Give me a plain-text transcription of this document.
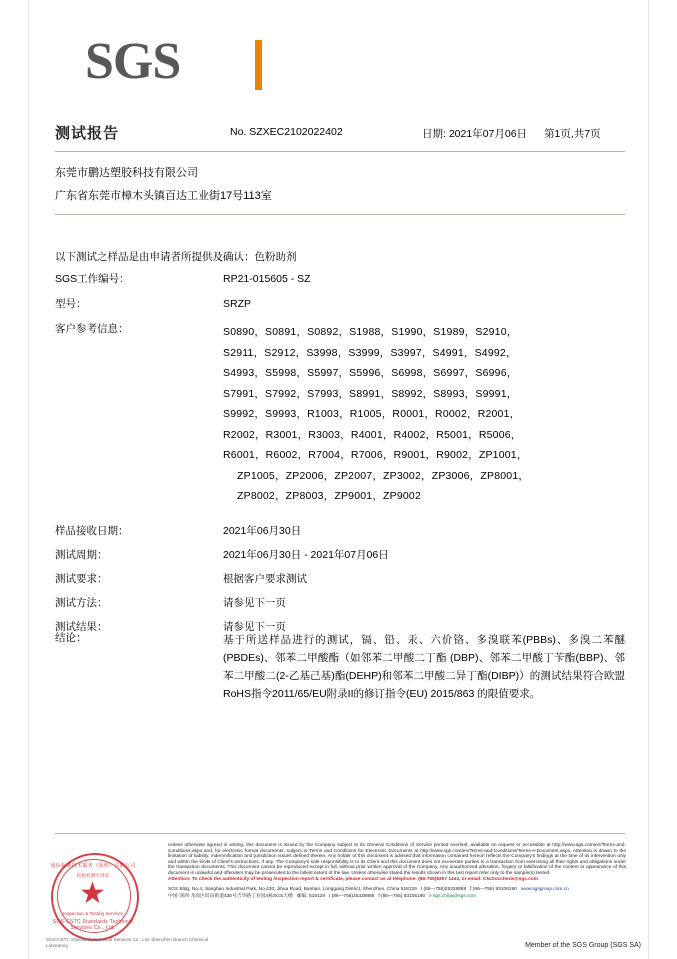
SGS
测试报告	No. SZXEC2102022402	日期: 2021年07月06日 第1页,共7页
东莞市鹏达塑胶科技有限公司
广东省东莞市樟木头镇百达工业街17号113室
以下测试之样品是由申请者所提供及确认：色粉助剂
SGS工作编号：	RP21-015605 - SZ
型号：	SRZP
客户参考信息：	S0890，S0891，S0892，S1988，S1990，S1989，S2910，
S2911，S2912，S3998，S3999，S3997，S4991，S4992，
S4993，S5998，S5997，S5996，S6998，S6997，S6996，
S7991，S7992，S7993，S8991，S8992，S8993，S9991，
S9992，S9993，R1003，R1005，R0001，R0002，R2001，
R2002，R3001，R3003，R4001，R4002，R5001，R5006，
R6001，R6002，R7004，R7006，R9001，R9002，ZP1001，
ZP1005，ZP2006，ZP2007，ZP3002，ZP3006，ZP8001，
ZP8002，ZP8003，ZP9001，ZP9002
样品接收日期：	2021年06月30日
测试周期：	2021年06月30日 - 2021年07月06日
测试要求：	根据客户要求测试
测试方法：	请参见下一页
测试结果：	请参见下一页
结论：	基于所送样品进行的测试，镉、铅、汞、六价铬、多溴联苯(PBBs)、多溴二苯醚(PBDEs)、邻苯二甲酸酯（如邻苯二甲酸二丁酯 (DBP)、邻苯二甲酸丁苄酯(BBP)、邻苯二甲酸二(2-乙基己基)酯(DEHP)和邻苯二甲酸二异丁酯(DIBP)）的测试结果符合欧盟RoHS指令2011/65/EU附录II的修订指令(EU) 2015/863 的限值要求。
通标标准技术服务（深圳）有限公司
检验检测专用章
★
Inspection & Testing Services
SGS-CSTC Standards Technical Services Co., Ltd.
SGS-CSTC Standards Technical Services Co., Ltd. Shenzhen Branch Chemical Laboratory
Unless otherwise agreed in writing, this document is issued by the Company subject to its General Conditions of Service printed overleaf, available on request or accessible at http://www.sgs.com/en/Terms-and-Conditions.aspx and, for electronic format documents, subject to Terms and Conditions for Electronic Documents at http://www.sgs.com/en/Terms-and-Conditions/Terms-e-Document.aspx. Attention is drawn to the limitation of liability, indemnification and jurisdiction issues defined therein. Any holder of this document is advised that information contained hereon reflects the Company's findings at the time of its intervention only and within the limits of Client's instructions, if any. The Company's sole responsibility is to its Client and this document does not exonerate parties to a transaction from exercising all their rights and obligations under the transaction documents. This document cannot be reproduced except in full, without prior written approval of the Company. Any unauthorized alteration, forgery or falsification of the content or appearance of this document is unlawful and offenders may be prosecuted to the fullest extent of the law. Unless otherwise stated the results shown in this test report refer only to the sample(s) tested.
Attention: To check the authenticity of testing /inspection report & certificate, please contact us at telephone: (86-755)8307 1443, or email: CN.Doccheck@sgs.com
SGS Bldg, No.4, Jianghao Industrial Park, No.430, Jihua Road, Bantian, Longgang District, Shenzhen, China 518129 t (86—755)25328888 f (86—755) 83106190 www.sgsgroup.com.cn
中国·深圳·龙岗区坂田街道430号吉华路工业园4栋SGS大楼 邮编: 518129 t (86—755)25328888 f (86—755) 83106190 e sgs.china@sgs.com
Member of the SGS Group (SGS SA)
